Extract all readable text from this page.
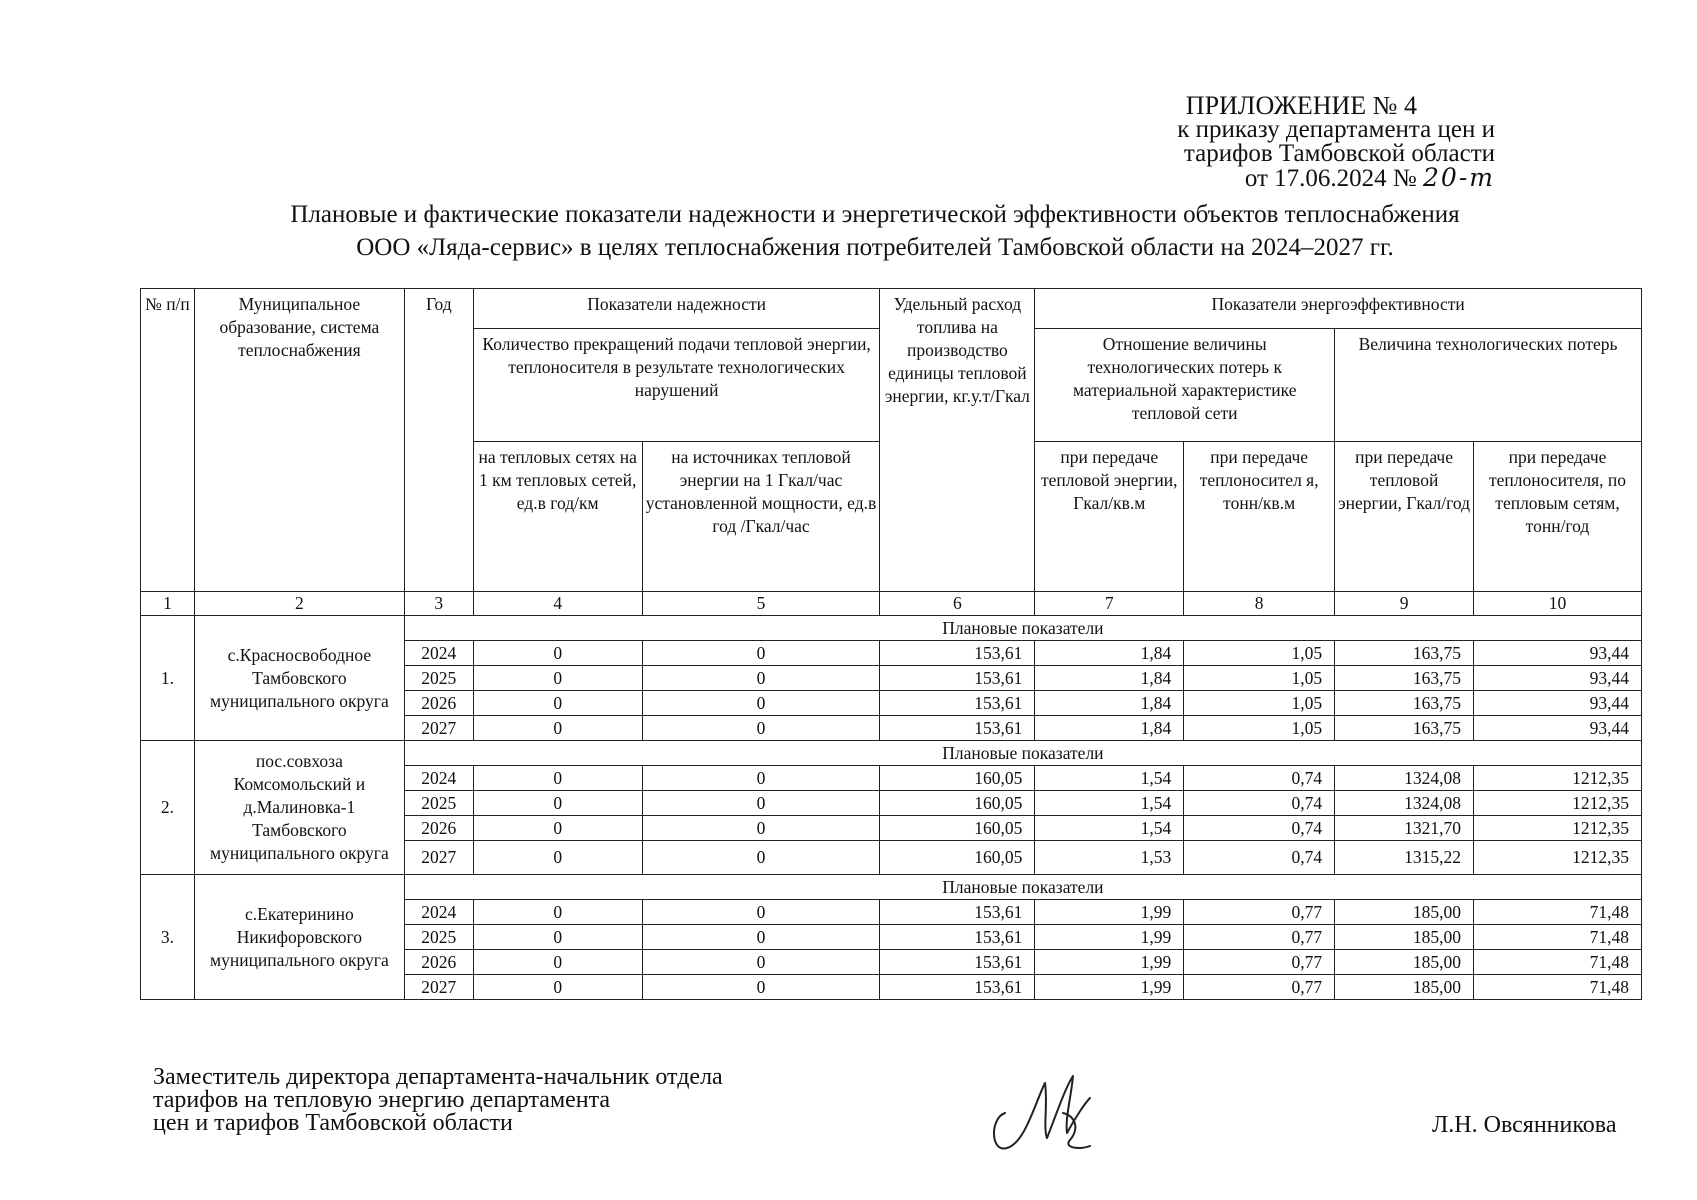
ПРИЛОЖЕНИЕ № 4
к приказу департамента цен и
тарифов Тамбовской области
от 17.06.2024 № 20-т
Плановые и фактические показатели надежности и энергетической эффективности объектов теплоснабжения
ООО «Ляда-сервис» в целях теплоснабжения потребителей Тамбовской области на 2024–2027 гг.
№ п/п	Муниципальное образование, система теплоснабжения	Год	Показатели надежности		Удельный расход топлива на производство единицы тепловой энергии, кг.у.т/Гкал	Показатели энергоэффективности			
			Количество прекращений подачи тепловой энергии, теплоносителя в результате технологических нарушений			Отношение величины технологических потерь к материальной характеристике тепловой сети		Величина технологических потерь	
			на тепловых сетях на 1 км тепловых сетей, ед.в год/км	на источниках тепловой энергии на 1 Гкал/час установленной мощности, ед.в год /Гкал/час		при передаче тепловой энергии, Гкал/кв.м	при передаче теплоносител я, тонн/кв.м	при передаче тепловой энергии, Гкал/год	при передаче теплоносителя, по тепловым сетям, тонн/год
1	2	3	4	5	6	7	8	9	10
1.	с.Красносвободное Тамбовского муниципального округа	Плановые показатели							
		2024	0	0	153,61	1,84	1,05	163,75	93,44
		2025	0	0	153,61	1,84	1,05	163,75	93,44
		2026	0	0	153,61	1,84	1,05	163,75	93,44
		2027	0	0	153,61	1,84	1,05	163,75	93,44
2.	пос.совхоза Комсомольский и д.Малиновка-1 Тамбовского муниципального округа	Плановые показатели							
		2024	0	0	160,05	1,54	0,74	1324,08	1212,35
		2025	0	0	160,05	1,54	0,74	1324,08	1212,35
		2026	0	0	160,05	1,54	0,74	1321,70	1212,35
		2027	0	0	160,05	1,53	0,74	1315,22	1212,35
3.	с.Екатеринино Никифоровского муниципального округа	Плановые показатели							
		2024	0	0	153,61	1,99	0,77	185,00	71,48
		2025	0	0	153,61	1,99	0,77	185,00	71,48
		2026	0	0	153,61	1,99	0,77	185,00	71,48
		2027	0	0	153,61	1,99	0,77	185,00	71,48
Заместитель директора департамента-начальник отдела
тарифов на тепловую энергию департамента
цен и тарифов Тамбовской области	Л.Н. Овсянникова
